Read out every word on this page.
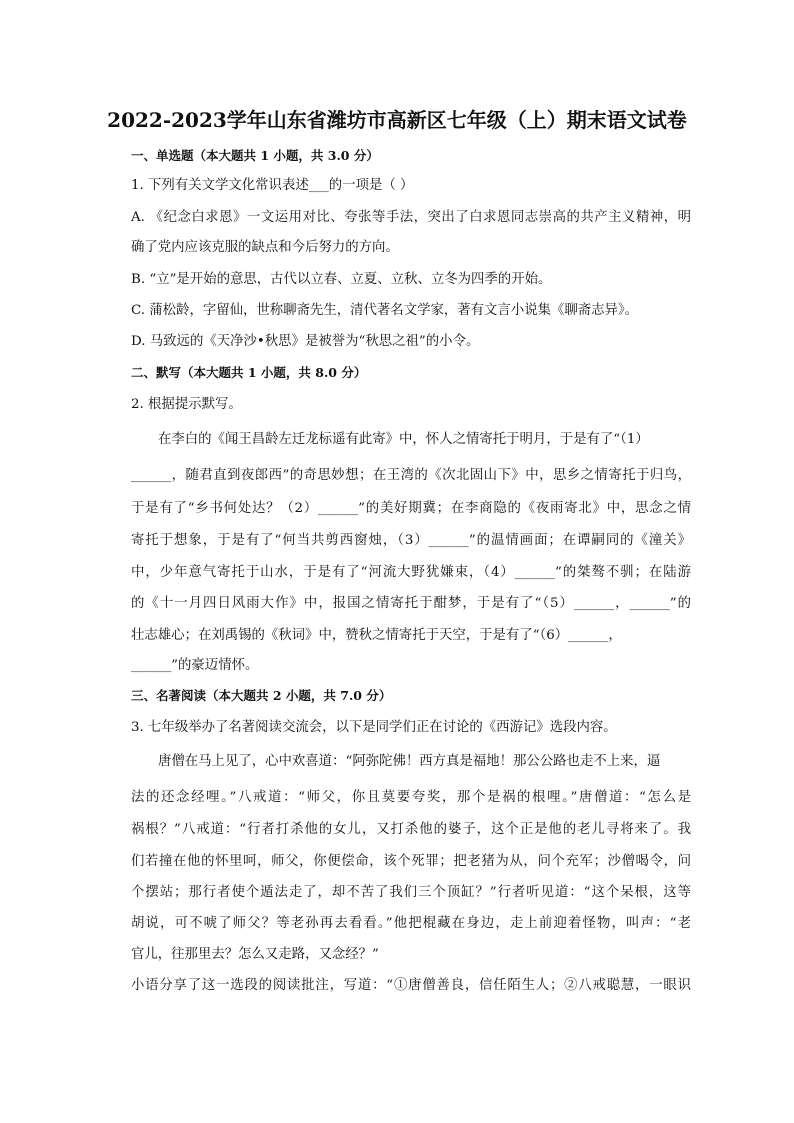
2022-2023学年山东省潍坊市高新区七年级（上）期末语文试卷
一、单选题（本大题共 1 小题，共 3.0 分）
1. 下列有关文学文化常识表述___的一项是（ ）
A. 《纪念白求恩》一文运用对比、夸张等手法，突出了白求恩同志崇高的共产主义精神，明
确了党内应该克服的缺点和今后努力的方向。
B. “立”是开始的意思，古代以立春、立夏、立秋、立冬为四季的开始。
C. 蒲松龄，字留仙，世称聊斋先生，清代著名文学家，著有文言小说集《聊斋志异》。
D. 马致远的《天净沙•秋思》是被誉为“秋思之祖”的小令。
二、默写（本大题共 1 小题，共 8.0 分）
2. 根据提示默写。
在李白的《闻王昌龄左迁龙标遥有此寄》中，怀人之情寄托于明月，于是有了“（1）
______，随君直到夜郎西”的奇思妙想；在王湾的《次北固山下》中，思乡之情寄托于归鸟，
于是有了“乡书何处达？（2）______”的美好期冀；在李商隐的《夜雨寄北》中，思念之情
寄托于想象，于是有了“何当共剪西窗烛，（3）______”的温情画面；在谭嗣同的《潼关》
中，少年意气寄托于山水，于是有了“河流大野犹嫌束，（4）______”的桀骜不驯；在陆游
的《十一月四日风雨大作》中，报国之情寄托于酣梦，于是有了“（5）______，______”的
壮志雄心；在刘禹锡的《秋词》中，赞秋之情寄托于天空，于是有了“（6）______，
______”的豪迈情怀。
三、名著阅读（本大题共 2 小题，共 7.0 分）
3. 七年级举办了名著阅读交流会，以下是同学们正在讨论的《西游记》选段内容。
唐僧在马上见了，心中欢喜道：“阿弥陀佛！西方真是福地！那公公路也走不上来，逼
法的还念经哩。”八戒道：“师父，你且莫要夸奖，那个是祸的根哩。”唐僧道：“怎么是
祸根？”八戒道：“行者打杀他的女儿，又打杀他的婆子，这个正是他的老儿寻将来了。我
们若撞在他的怀里呵，师父，你便偿命，该个死罪；把老猪为从，问个充军；沙僧喝令，问
个摆站；那行者使个遁法走了，却不苦了我们三个顶缸？”行者听见道：“这个呆根，这等
胡说，可不唬了师父？等老孙再去看看。”他把棍藏在身边，走上前迎着怪物，叫声：“老
官儿，往那里去？怎么又走路，又念经？”
小语分享了这一选段的阅读批注，写道：“①唐僧善良，信任陌生人；②八戒聪慧，一眼识
